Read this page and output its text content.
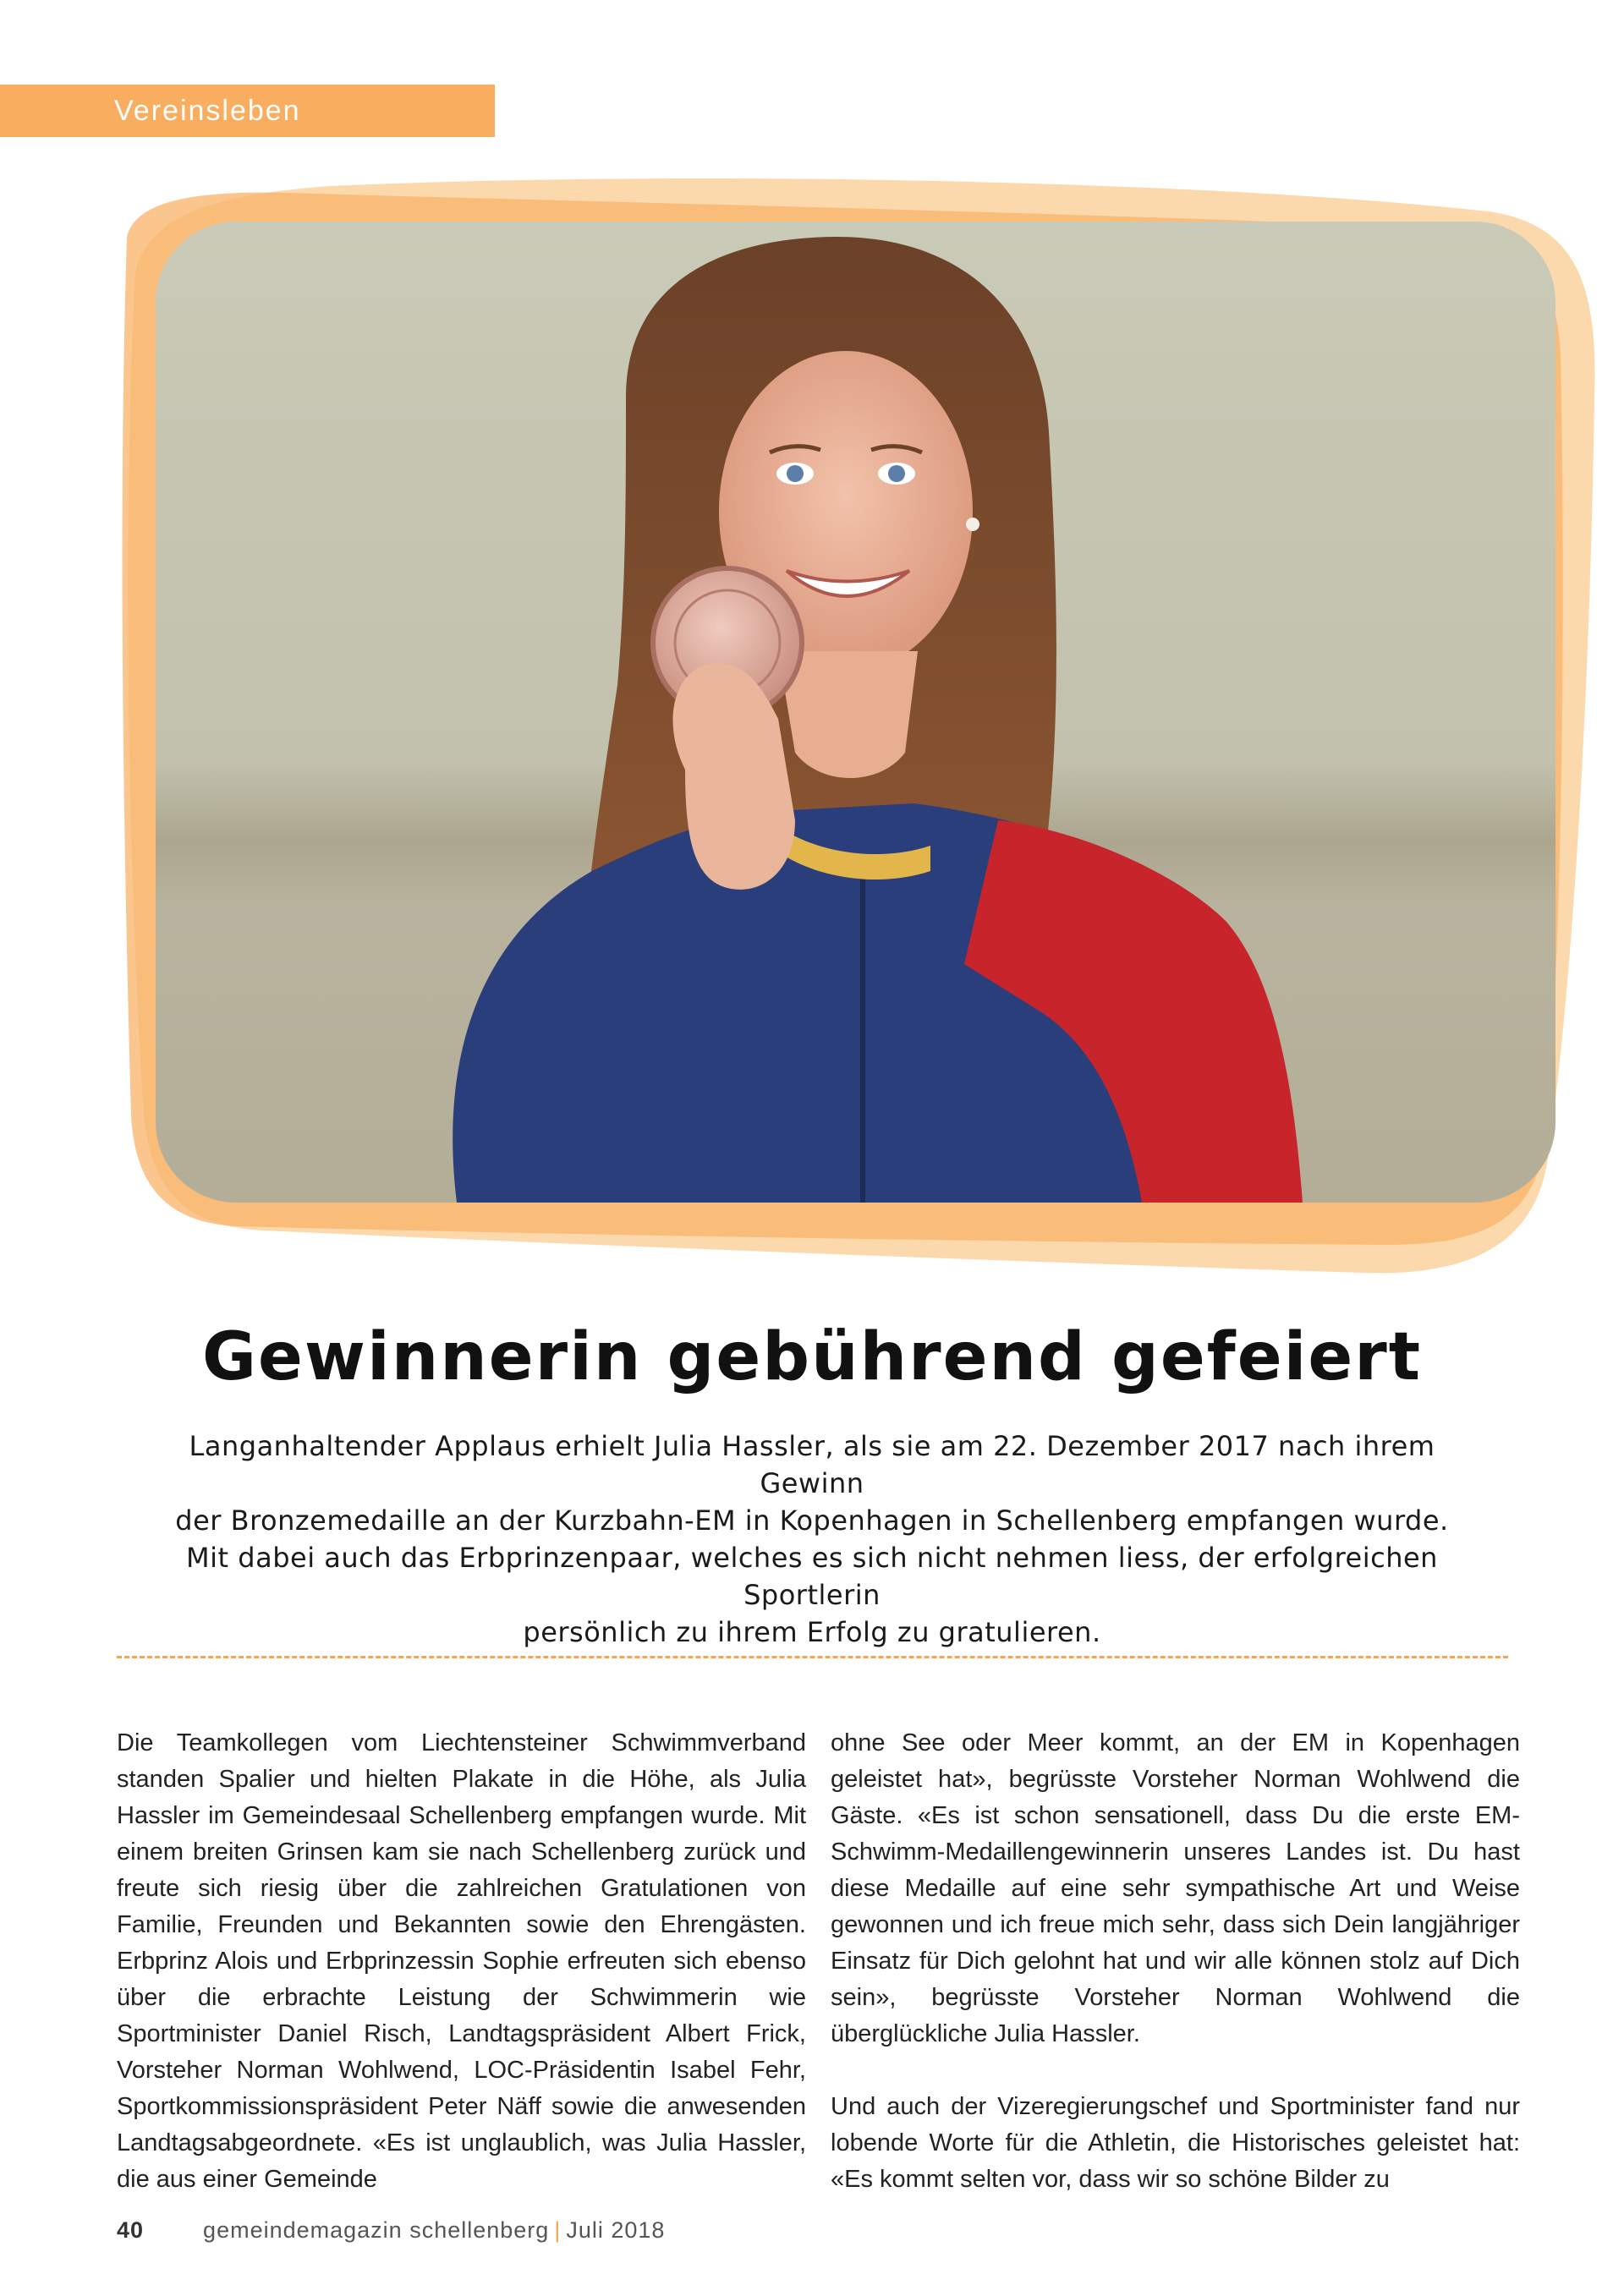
Vereinsleben
Gewinnerin gebührend gefeiert
Langanhaltender Applaus erhielt Julia Hassler, als sie am 22. Dezember 2017 nach ihrem Gewinn
der Bronzemedaille an der Kurzbahn-EM in Kopenhagen in Schellenberg empfangen wurde.
Mit dabei auch das Erbprinzenpaar, welches es sich nicht nehmen liess, der erfolgreichen Sportlerin
persönlich zu ihrem Erfolg zu gratulieren.

Die Teamkollegen vom Liechtensteiner Schwimmverband standen Spalier und hielten Plakate in die Höhe, als Julia Hassler im Gemeindesaal Schellenberg empfangen wurde. Mit einem breiten Grinsen kam sie nach Schellenberg zurück und freute sich riesig über die zahlreichen Gratulationen von Familie, Freunden und Bekannten sowie den Ehrengästen. Erbprinz Alois und Erbprinzessin Sophie erfreuten sich ebenso über die erbrachte Leistung der Schwimmerin wie Sportminister Daniel Risch, Landtagspräsident Albert Frick, Vorsteher Norman Wohlwend, LOC-Präsidentin Isabel Fehr, Sportkommissionspräsident Peter Näff sowie die anwesenden Landtagsabgeordnete. «Es ist unglaublich, was Julia Hassler, die aus einer Gemeinde

ohne See oder Meer kommt, an der EM in Kopenhagen geleistet hat», begrüsste Vorsteher Norman Wohlwend die Gäste. «Es ist schon sensationell, dass Du die erste EM-Schwimm-Medaillengewinnerin unseres Landes ist. Du hast diese Medaille auf eine sehr sympathische Art und Weise gewonnen und ich freue mich sehr, dass sich Dein langjähriger Einsatz für Dich gelohnt hat und wir alle können stolz auf Dich sein», begrüsste Vorsteher Norman Wohlwend die überglückliche Julia Hassler.

Und auch der Vizeregierungschef und Sportminister fand nur lobende Worte für die Athletin, die Historisches geleistet hat: «Es kommt selten vor, dass wir so schöne Bilder zu

40	gemeindemagazin schellenberg | Juli 2018
